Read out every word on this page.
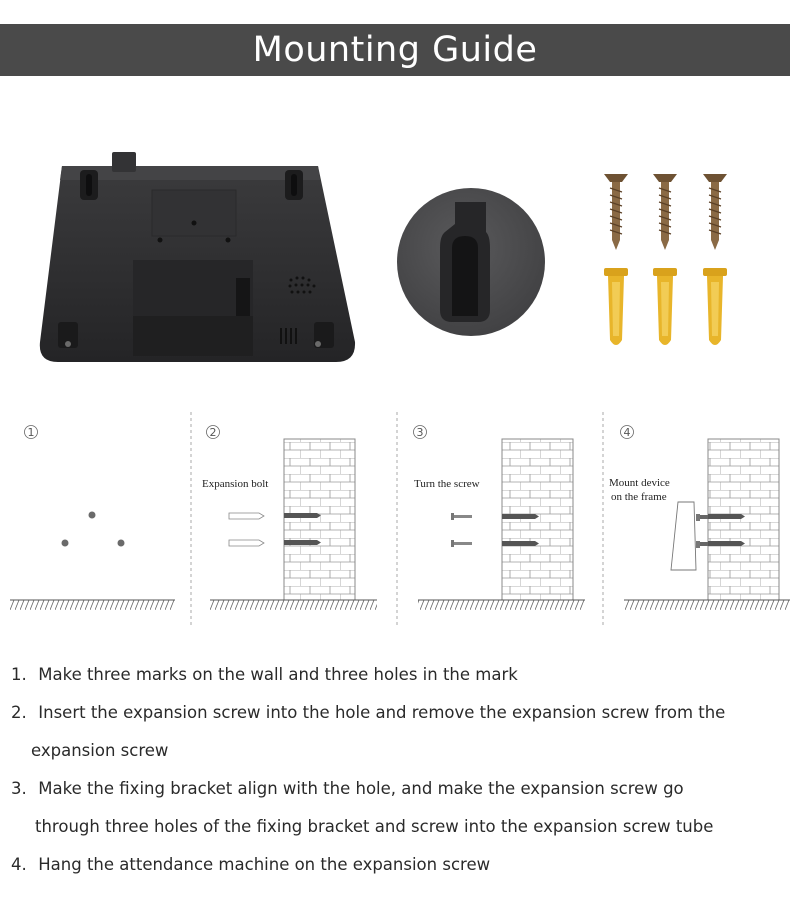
Mounting Guide
1	2
Expansion bolt
3
Turn the screw
4
Mount device
on the frame
1. Make three marks on the wall and three holes in the mark
2. Insert the expansion screw into the hole and remove the expansion screw from the
expansion screw
3. Make the fixing bracket align with the hole, and make the expansion screw go
through three holes of the fixing bracket and screw into the expansion screw tube
4. Hang the attendance machine on the expansion screw
